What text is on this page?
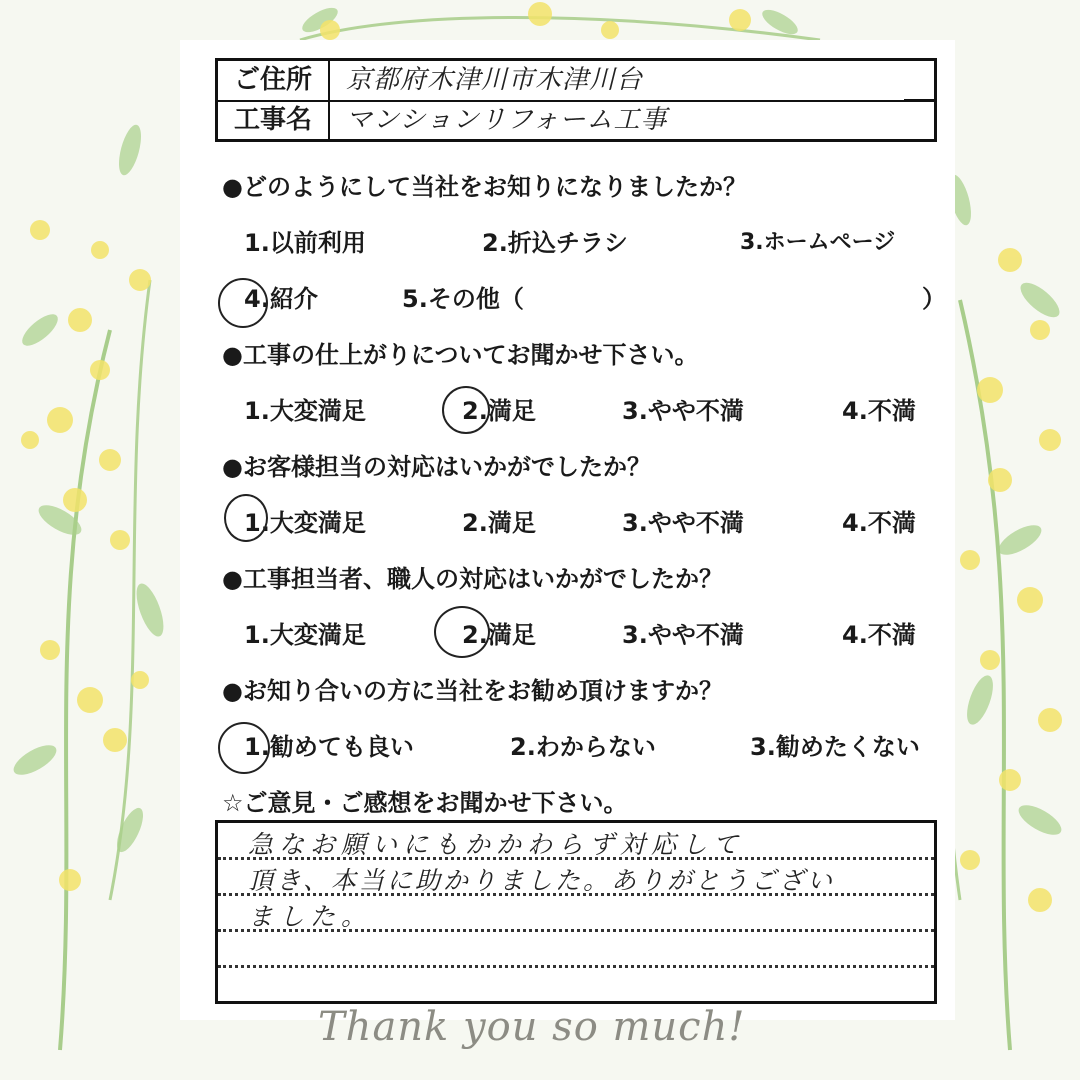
ご住所	京都府木津川市木津川台
工事名	マンションリフォーム工事
●どのようにして当社をお知りになりましたか？
1.以前利用	2.折込チラシ	3.ホームページ
4.紹介	5.その他（	）
●工事の仕上がりについてお聞かせ下さい。
1.大変満足	2.満足	3.やや不満	4.不満
●お客様担当の対応はいかがでしたか？
1.大変満足	2.満足	3.やや不満	4.不満
●工事担当者、職人の対応はいかがでしたか？
1.大変満足	2.満足	3.やや不満	4.不満
●お知り合いの方に当社をお勧め頂けますか？
1.勧めても良い	2.わからない	3.勧めたくない
☆ご意見・ご感想をお聞かせ下さい。
急なお願いにもかかわらず対応して
頂き、本当に助かりました。ありがとうござい
ました。
Thank you so much!
